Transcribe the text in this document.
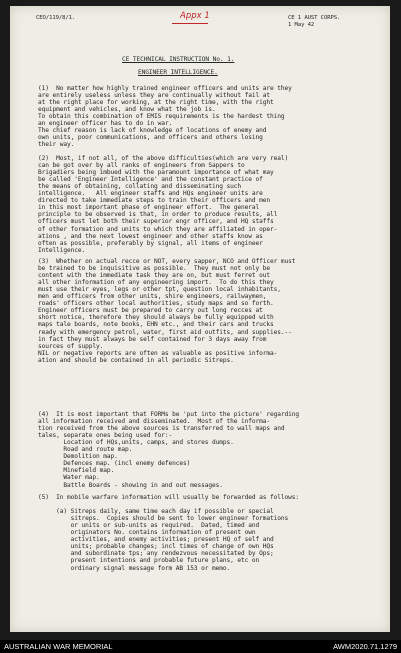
CEO/119/8/1.	Appx 1	CE 1 AUST CORPS.
1 May 42
CE TECHNICAL INSTRUCTION No. 1.
ENGINEER INTELLIGENCE.
(1)  No matter how highly trained engineer officers and units are they
are entirely useless unless they are continually without fail at
at the right place for working, at the right time, with the right
equipment and vehicles, and know what the job is.
To obtain this combination of EMIS requirements is the hardest thing
an engineer officer has to do in war.
The chief reason is lack of knowledge of locations of enemy and
own units, poor communications, and officers and others losing
their way.
(2)  Most, if not all, of the above difficulties(which are very real)
can be got over by all ranks of engineers from Sappers to
Brigadiers being imbued with the paramount importance of what may
be called 'Engineer Intelligence' and the constant practice of
the means of obtaining, collating and disseminating such
intelligence.   All engineer staffs and HQs engineer units are
directed to take immediate steps to train their officers and men
in this most important phase of engineer effort.  The general
principle to be observed is that, in order to produce results, all
officers must let both their superior engr officer, and HQ staffs
of other formation and units to which they are affiliated in oper-
ations , and the next lowest engineer and other staffs know as
often as possible, preferably by signal, all items of engineer
Intelligence.
(3)  Whether on actual recce or NOT, every sapper, NCO and Officer must
be trained to be inquisitive as possible.  They must not only be
content with the immediate task they are on, but must ferret out
all other information of any engineering import.  To do this they
must use their eyes, legs or other tpt, question local inhabitants,
men and officers from other units, shire engineers, railwaymen,
roads' officers other local authorities, study maps and so forth.
Engineer officers must be prepared to carry out long recces at
short notice, therefore they should always be fully equipped with
maps tale boards, note books, EHN etc., and their cars and trucks
ready with emergency petrol, water, first aid outfits, and supplies.--
in fact they must always be self contained for 3 days away from
sources of supply.
NIL or negative reports are often as valuable as positive informa-
ation and should be contained in all periodic Sitreps.
(4)  It is most important that FORMs be 'put into the picture' regarding
all information received and disseminated.  Most of the informa-
tion received from the above sources is transferred to wall maps and
tales, separate ones being used for:-
Location of HQs,units, camps, and stores dumps.
Road and route map.
Demolition map.
Defences map. (incl enemy defences)
Minefield map.
Water map.
Battle Boards - showing in and out messages.
(5)  In mobile warfare information will usually be forwarded as follows:
(a) Sitreps daily, same time each day if possible or special
sitreps.  Copies should be sent to lower engineer formations
or units or sub-units as required.  Dated, timed and
originators No. contains information of present own
activities, and enemy activities; present HQ of self and
units; probable changes; incl times of change of own HQs
and subordinate tps; any rendezvous necessitated by Ops;
present intentions and probable future plans, etc on
ordinary signal message form AB 153 or memo.
AUSTRALIAN WAR MEMORIAL	AWM2020.71.1279
